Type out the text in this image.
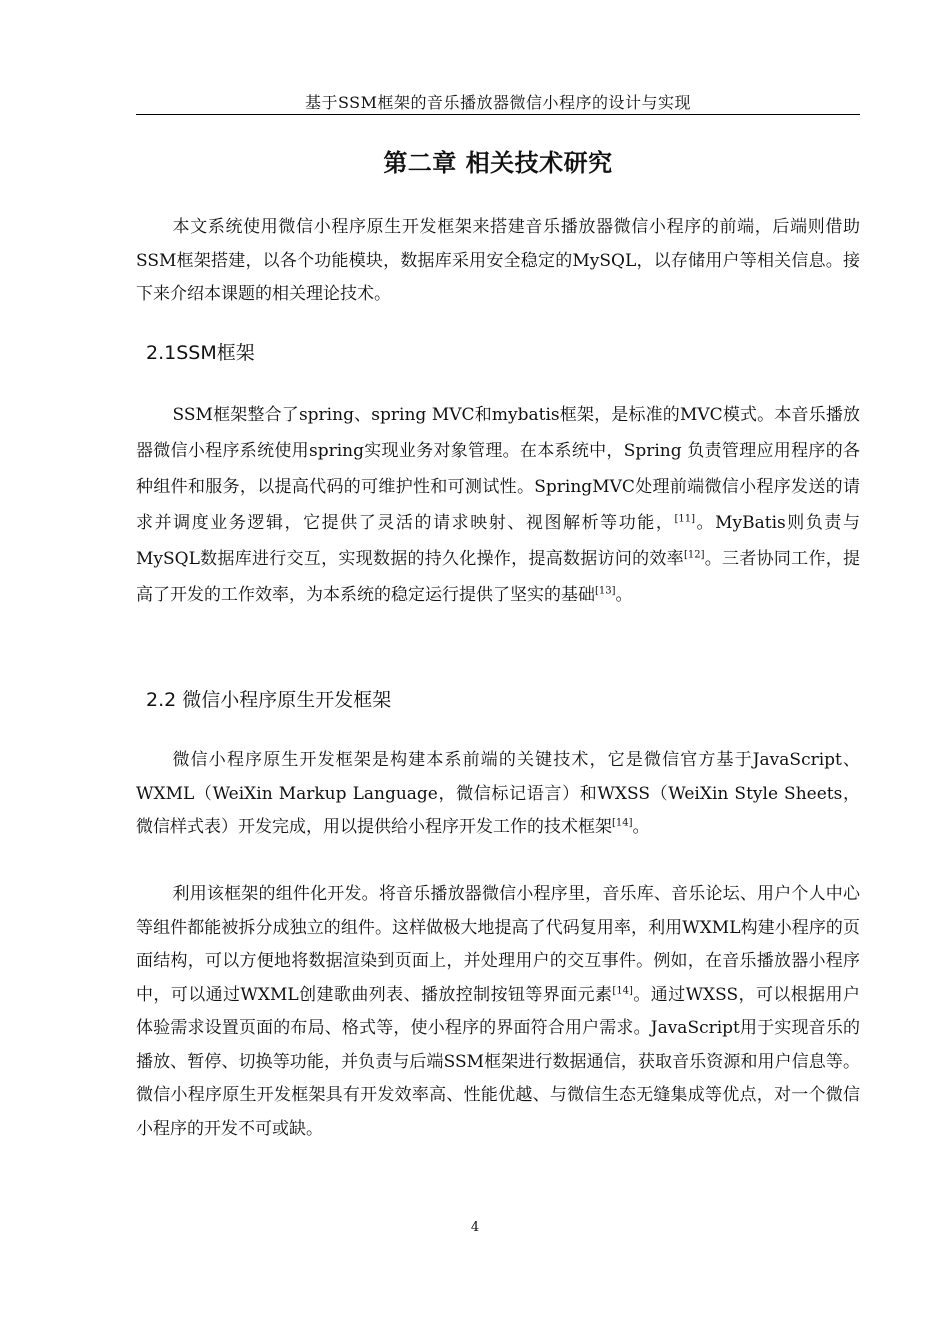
基于SSM框架的音乐播放器微信小程序的设计与实现
第二章 相关技术研究

本文系统使用微信小程序原生开发框架来搭建音乐播放器微信小程序的前端，后端则借助SSM框架搭建，以各个功能模块，数据库采用安全稳定的MySQL，以存储用户等相关信息。接下来介绍本课题的相关理论技术。

2.1SSM框架

SSM框架整合了spring、spring MVC和mybatis框架，是标准的MVC模式。本音乐播放器微信小程序系统使用spring实现业务对象管理。在本系统中，Spring 负责管理应用程序的各种组件和服务，以提高代码的可维护性和可测试性。SpringMVC处理前端微信小程序发送的请求并调度业务逻辑，它提供了灵活的请求映射、视图解析等功能，[11]。MyBatis则负责与MySQL数据库进行交互，实现数据的持久化操作，提高数据访问的效率[12]。三者协同工作，提高了开发的工作效率，为本系统的稳定运行提供了坚实的基础[13]。

2.2 微信小程序原生开发框架

微信小程序原生开发框架是构建本系前端的关键技术，它是微信官方基于JavaScript、WXML（WeiXin Markup Language，微信标记语言）和WXSS（WeiXin Style Sheets，微信样式表）开发完成，用以提供给小程序开发工作的技术框架[14]。

利用该框架的组件化开发。将音乐播放器微信小程序里，音乐库、音乐论坛、用户个人中心等组件都能被拆分成独立的组件。这样做极大地提高了代码复用率，利用WXML构建小程序的页面结构，可以方便地将数据渲染到页面上，并处理用户的交互事件。例如，在音乐播放器小程序中，可以通过WXML创建歌曲列表、播放控制按钮等界面元素[14]。通过WXSS，可以根据用户体验需求设置页面的布局、格式等，使小程序的界面符合用户需求。JavaScript用于实现音乐的播放、暂停、切换等功能，并负责与后端SSM框架进行数据通信，获取音乐资源和用户信息等。微信小程序原生开发框架具有开发效率高、性能优越、与微信生态无缝集成等优点，对一个微信小程序的开发不可或缺。

4
